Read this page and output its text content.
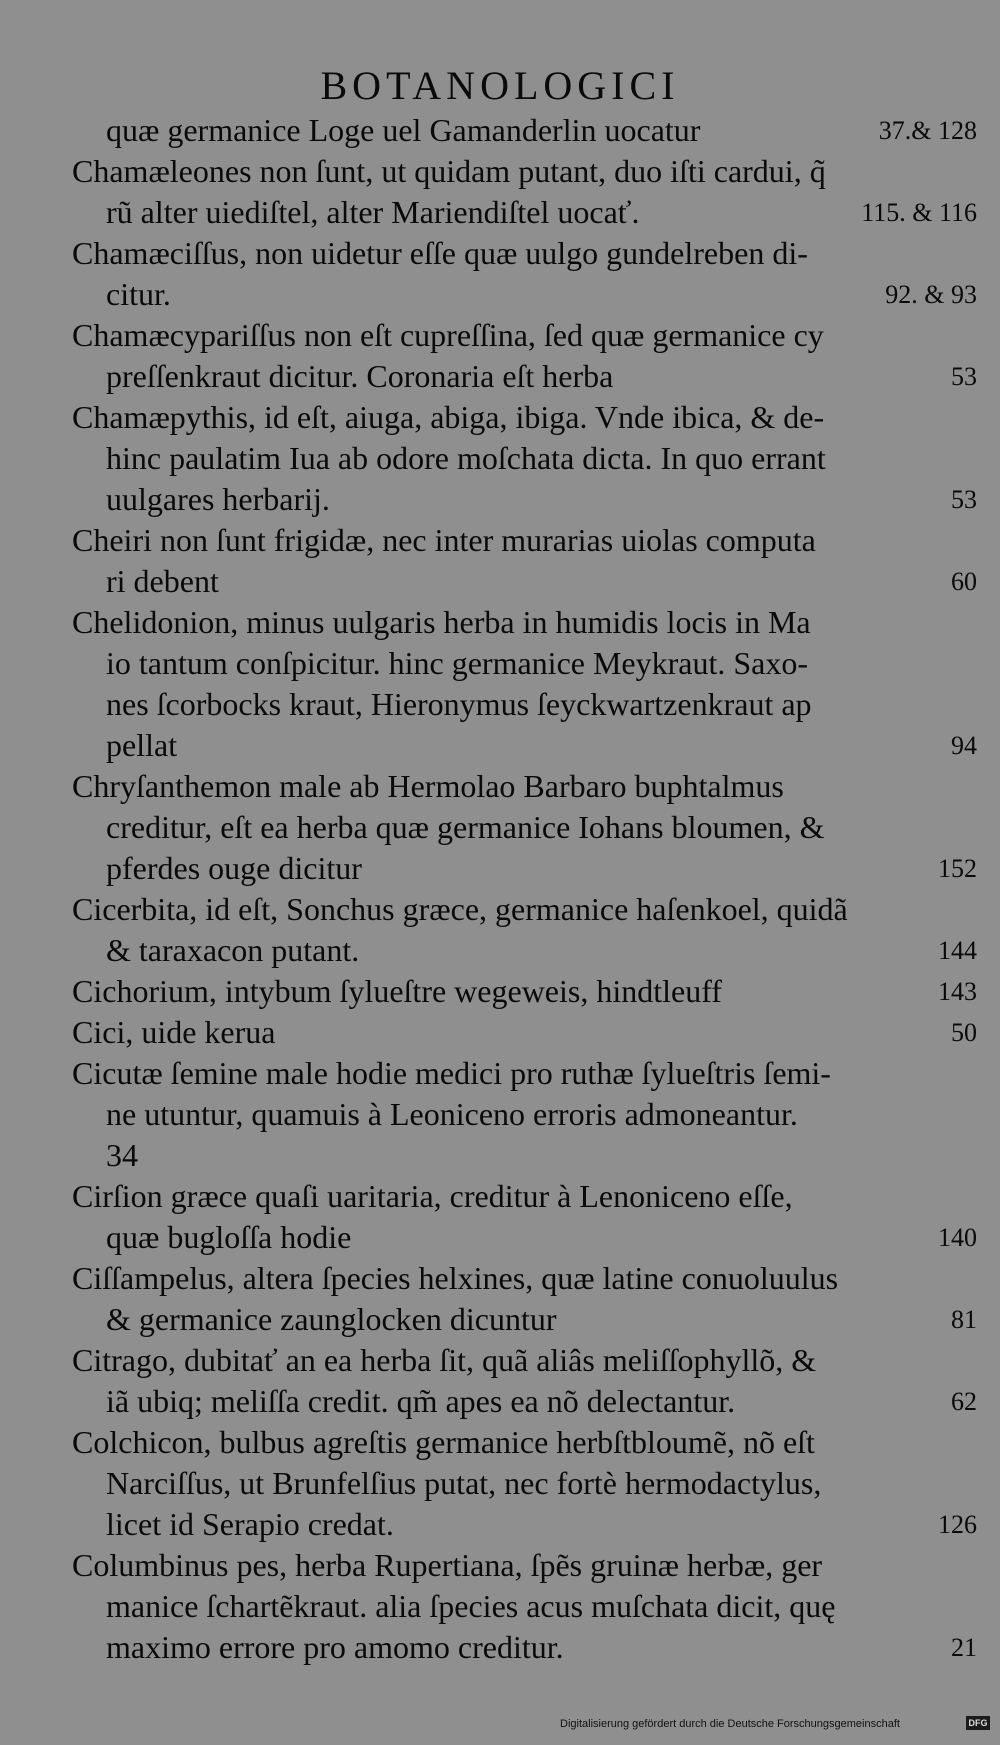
BOTANOLOGICI
quæ germanice Loge uel Gamanderlin uocatur	37.& 128
Chamæleones non ſunt, ut quidam putant, duo iſti cardui, q̃
rũ alter uiediſtel, alter Mariendiſtel uocať.	115. & 116
Chamæciſſus, non uidetur eſſe quæ uulgo gundelreben di-
citur.	92. & 93
Chamæcypariſſus non eſt cupreſſina, ſed quæ germanice cy
preſſenkraut dicitur. Coronaria eſt herba	53
Chamæpythis, id eſt, aiuga, abiga, ibiga. Vnde ibica, & de-
hinc paulatim Iua ab odore moſchata dicta. In quo errant
uulgares herbarij.	53
Cheiri non ſunt frigidæ, nec inter murarias uiolas computa
ri debent	60
Chelidonion, minus uulgaris herba in humidis locis in Ma
io tantum conſpicitur. hinc germanice Meykraut. Saxo-
nes ſcorbocks kraut, Hieronymus ſeyckwartzenkraut ap
pellat	94
Chryſanthemon male ab Hermolao Barbaro buphtalmus
creditur, eſt ea herba quæ germanice Iohans bloumen, &
pferdes ouge dicitur	152
Cicerbita, id eſt, Sonchus græce, germanice haſenkoel, quidã
& taraxacon putant.	144
Cichorium, intybum ſylueſtre wegeweis, hindtleuff	143
Cici, uide kerua	50
Cicutæ ſemine male hodie medici pro ruthæ ſylueſtris ſemi-
ne utuntur, quamuis à Leoniceno erroris admoneantur.
34
Cirſion græce quaſi uaritaria, creditur à Lenoniceno eſſe,
quæ bugloſſa hodie	140
Ciſſampelus, altera ſpecies helxines, quæ latine conuoluulus
& germanice zaunglocken dicuntur	81
Citrago, dubitať an ea herba ſit, quã aliâs meliſſophyllõ, &
iã ubiq; meliſſa credit. qm̃ apes ea nõ delectantur.	62
Colchicon, bulbus agreſtis germanice herbſtbloumẽ, nõ eſt
Narciſſus, ut Brunfelſius putat, nec fortè hermodactylus,
licet id Serapio credat.	126
Columbinus pes, herba Rupertiana, ſpẽs gruinæ herbæ, ger
manice ſchartẽkraut. alia ſpecies acus muſchata dicit, quę
maximo errore pro amomo creditur.	21
Digitalisierung gefördert durch die Deutsche Forschungsgemeinschaft	DFG
